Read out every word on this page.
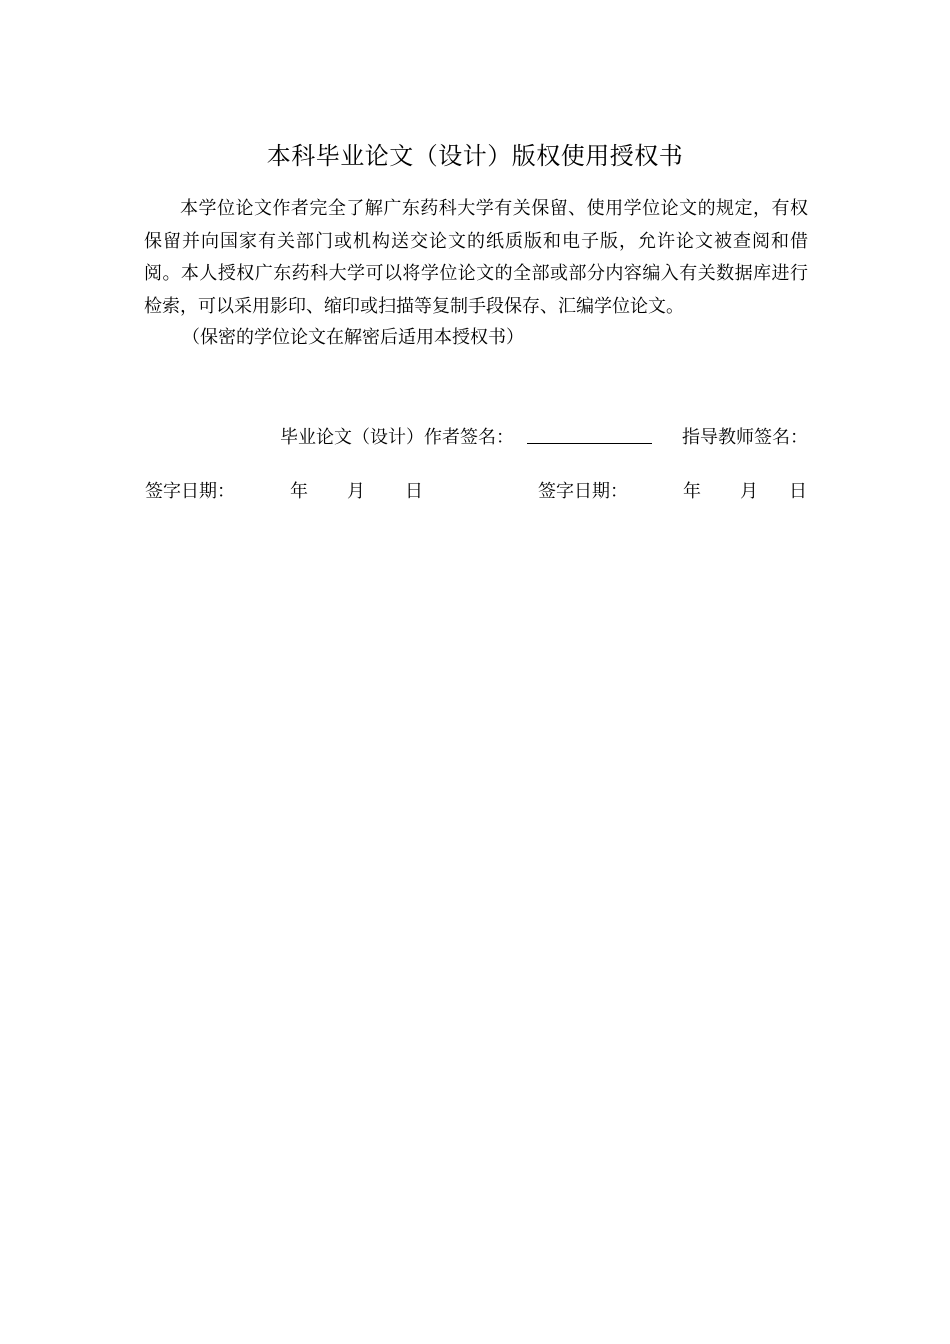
本科毕业论文（设计）版权使用授权书
本学位论文作者完全了解广东药科大学有关保留、使用学位论文的规定，有权保留并向国家有关部门或机构送交论文的纸质版和电子版，允许论文被查阅和借阅。本人授权广东药科大学可以将学位论文的全部或部分内容编入有关数据库进行检索，可以采用影印、缩印或扫描等复制手段保存、汇编学位论文。
（保密的学位论文在解密后适用本授权书）
毕业论文（设计）作者签名：	指导教师签名：
签字日期：	年 月 日	签字日期：	年 月 日
